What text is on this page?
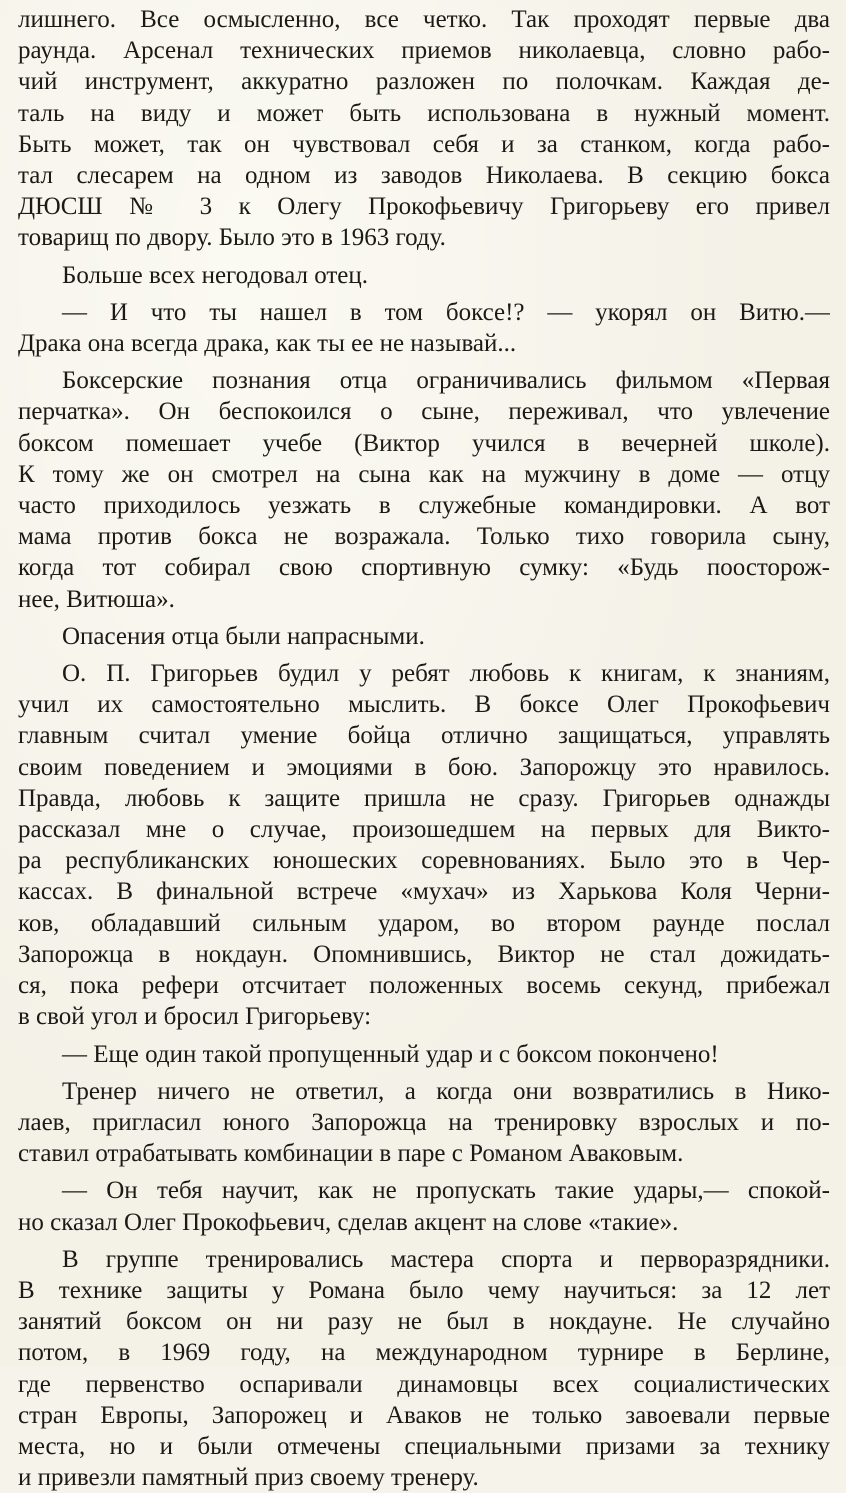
лишнего. Все осмысленно, все четко. Так проходят первые два
раунда. Арсенал технических приемов николаевца, словно рабо-
чий инструмент, аккуратно разложен по полочкам. Каждая де-
таль на виду и может быть использована в нужный момент.
Быть может, так он чувствовал себя и за станком, когда рабо-
тал слесарем на одном из заводов Николаева. В секцию бокса
ДЮСШ № 3 к Олегу Прокофьевичу Григорьеву его привел
товарищ по двору. Было это в 1963 году.
Больше всех негодовал отец.
— И что ты нашел в том боксе!? — укорял он Витю.—
Драка она всегда драка, как ты ее не называй...
Боксерские познания отца ограничивались фильмом «Первая
перчатка». Он беспокоился о сыне, переживал, что увлечение
боксом помешает учебе (Виктор учился в вечерней школе).
К тому же он смотрел на сына как на мужчину в доме — отцу
часто приходилось уезжать в служебные командировки. А вот
мама против бокса не возражала. Только тихо говорила сыну,
когда тот собирал свою спортивную сумку: «Будь поосторож-
нее, Витюша».
Опасения отца были напрасными.
О. П. Григорьев будил у ребят любовь к книгам, к знаниям,
учил их самостоятельно мыслить. В боксе Олег Прокофьевич
главным считал умение бойца отлично защищаться, управлять
своим поведением и эмоциями в бою. Запорожцу это нравилось.
Правда, любовь к защите пришла не сразу. Григорьев однажды
рассказал мне о случае, произошедшем на первых для Викто-
ра республиканских юношеских соревнованиях. Было это в Чер-
кассах. В финальной встрече «мухач» из Харькова Коля Черни-
ков, обладавший сильным ударом, во втором раунде послал
Запорожца в нокдаун. Опомнившись, Виктор не стал дожидать-
ся, пока рефери отсчитает положенных восемь секунд, прибежал
в свой угол и бросил Григорьеву:
— Еще один такой пропущенный удар и с боксом покончено!
Тренер ничего не ответил, а когда они возвратились в Нико-
лаев, пригласил юного Запорожца на тренировку взрослых и по-
ставил отрабатывать комбинации в паре с Романом Аваковым.
— Он тебя научит, как не пропускать такие удары,— спокой-
но сказал Олег Прокофьевич, сделав акцент на слове «такие».
В группе тренировались мастера спорта и перворазрядники.
В технике защиты у Романа было чему научиться: за 12 лет
занятий боксом он ни разу не был в нокдауне. Не случайно
потом, в 1969 году, на международном турнире в Берлине,
где первенство оспаривали динамовцы всех социалистических
стран Европы, Запорожец и Аваков не только завоевали первые
места, но и были отмечены специальными призами за технику
и привезли памятный приз своему тренеру.
